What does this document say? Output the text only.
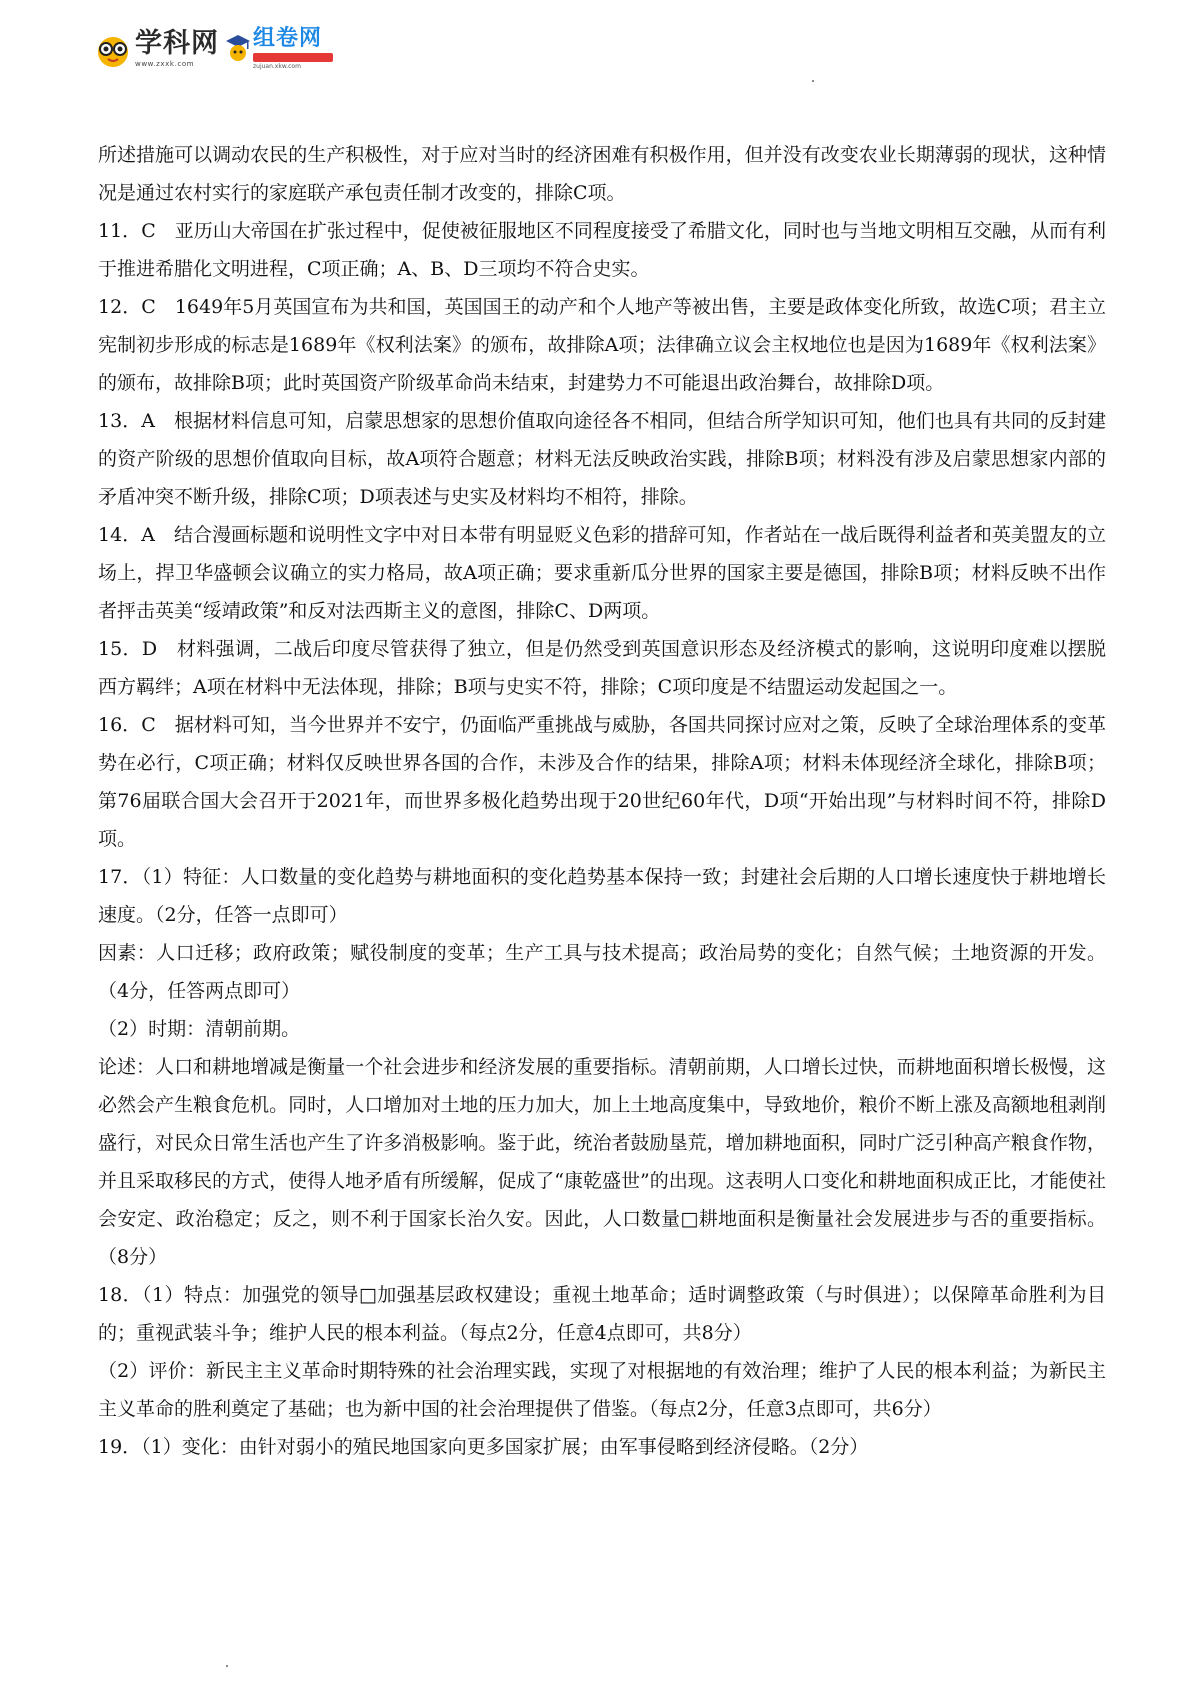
学科网
www.zxxk.com
组卷网
zujuan.xkw.com

所述措施可以调动农民的生产积极性，对于应对当时的经济困难有积极作用，但并没有改变农业长期薄弱的现状，这种情况是通过农村实行的家庭联产承包责任制才改变的，排除C项。

11．C　亚历山大帝国在扩张过程中，促使被征服地区不同程度接受了希腊文化，同时也与当地文明相互交融，从而有利于推进希腊化文明进程，C项正确；A、B、D三项均不符合史实。

12．C　1649年5月英国宣布为共和国，英国国王的动产和个人地产等被出售，主要是政体变化所致，故选C项；君主立宪制初步形成的标志是1689年《权利法案》的颁布，故排除A项；法律确立议会主权地位也是因为1689年《权利法案》的颁布，故排除B项；此时英国资产阶级革命尚未结束，封建势力不可能退出政治舞台，故排除D项。

13．A　根据材料信息可知，启蒙思想家的思想价值取向途径各不相同，但结合所学知识可知，他们也具有共同的反封建的资产阶级的思想价值取向目标，故A项符合题意；材料无法反映政治实践，排除B项；材料没有涉及启蒙思想家内部的矛盾冲突不断升级，排除C项；D项表述与史实及材料均不相符，排除。

14．A　结合漫画标题和说明性文字中对日本带有明显贬义色彩的措辞可知，作者站在一战后既得利益者和英美盟友的立场上，捍卫华盛顿会议确立的实力格局，故A项正确；要求重新瓜分世界的国家主要是德国，排除B项；材料反映不出作者抨击英美“绥靖政策”和反对法西斯主义的意图，排除C、D两项。

15．D　材料强调，二战后印度尽管获得了独立，但是仍然受到英国意识形态及经济模式的影响，这说明印度难以摆脱西方羁绊；A项在材料中无法体现，排除；B项与史实不符，排除；C项印度是不结盟运动发起国之一。

16．C　据材料可知，当今世界并不安宁，仍面临严重挑战与威胁，各国共同探讨应对之策，反映了全球治理体系的变革势在必行，C项正确；材料仅反映世界各国的合作，未涉及合作的结果，排除A项；材料未体现经济全球化，排除B项；第76届联合国大会召开于2021年，而世界多极化趋势出现于20世纪60年代，D项“开始出现”与材料时间不符，排除D项。

17．（1）特征：人口数量的变化趋势与耕地面积的变化趋势基本保持一致；封建社会后期的人口增长速度快于耕地增长速度。（2分，任答一点即可）

因素：人口迁移；政府政策；赋役制度的变革；生产工具与技术提高；政治局势的变化；自然气候；土地资源的开发。（4分，任答两点即可）

（2）时期：清朝前期。

论述：人口和耕地增减是衡量一个社会进步和经济发展的重要指标。清朝前期，人口增长过快，而耕地面积增长极慢，这必然会产生粮食危机。同时，人口增加对土地的压力加大，加上土地高度集中，导致地价，粮价不断上涨及高额地租剥削盛行，对民众日常生活也产生了许多消极影响。鉴于此，统治者鼓励垦荒，增加耕地面积，同时广泛引种高产粮食作物，并且采取移民的方式，使得人地矛盾有所缓解，促成了“康乾盛世”的出现。这表明人口变化和耕地面积成正比，才能使社会安定、政治稳定；反之，则不利于国家长治久安。因此，人口数量□耕地面积是衡量社会发展进步与否的重要指标。（8分）

18．（1）特点：加强党的领导□加强基层政权建设；重视土地革命；适时调整政策（与时俱进）；以保障革命胜利为目的；重视武装斗争；维护人民的根本利益。（每点2分，任意4点即可，共8分）

（2）评价：新民主主义革命时期特殊的社会治理实践，实现了对根据地的有效治理；维护了人民的根本利益；为新民主主义革命的胜利奠定了基础；也为新中国的社会治理提供了借鉴。（每点2分，任意3点即可，共6分）

19．（1）变化：由针对弱小的殖民地国家向更多国家扩展；由军事侵略到经济侵略。（2分）
